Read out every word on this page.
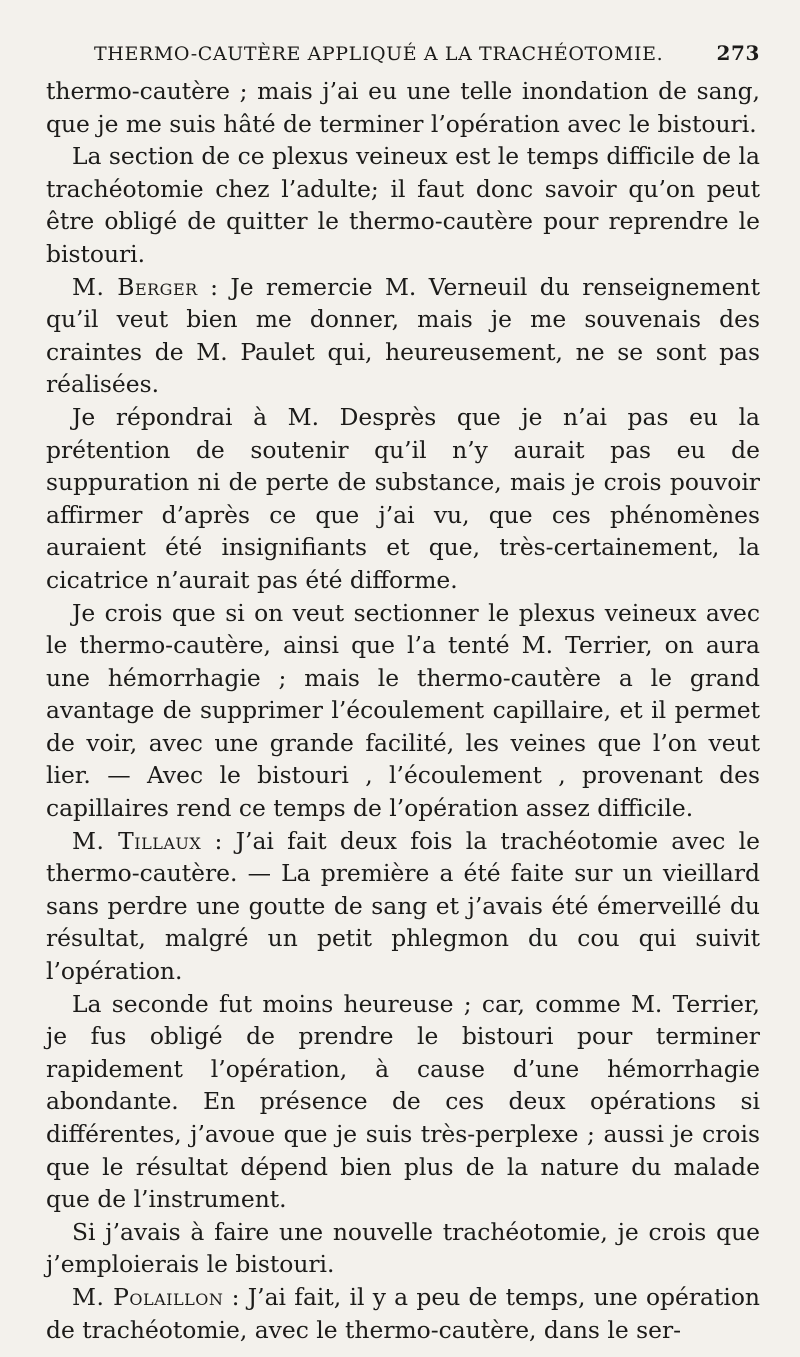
THERMO-CAUTÈRE APPLIQUÉ A LA TRACHÉOTOMIE.	273

thermo-cautère ; mais j’ai eu une telle inondation de sang, que je me suis hâté de terminer l’opération avec le bistouri.

La section de ce plexus veineux est le temps difficile de la trachéotomie chez l’adulte; il faut donc savoir qu’on peut être obligé de quitter le thermo-cautère pour reprendre le bistouri.

M. Berger : Je remercie M. Verneuil du renseignement qu’il veut bien me donner, mais je me souvenais des craintes de M. Paulet qui, heureusement, ne se sont pas réalisées.

Je répondrai à M. Desprès que je n’ai pas eu la prétention de soutenir qu’il n’y aurait pas eu de suppuration ni de perte de substance, mais je crois pouvoir affirmer d’après ce que j’ai vu, que ces phénomènes auraient été insignifiants et que, très-certainement, la cicatrice n’aurait pas été difforme.

Je crois que si on veut sectionner le plexus veineux avec le thermo-cautère, ainsi que l’a tenté M. Terrier, on aura une hémorrhagie ; mais le thermo-cautère a le grand avantage de supprimer l’écoulement capillaire, et il permet de voir, avec une grande facilité, les veines que l’on veut lier. — Avec le bistouri , l’écoulement , provenant des capillaires rend ce temps de l’opération assez difficile.

M. Tillaux : J’ai fait deux fois la trachéotomie avec le thermo-cautère. — La première a été faite sur un vieillard sans perdre une goutte de sang et j’avais été émerveillé du résultat, malgré un petit phlegmon du cou qui suivit l’opération.

La seconde fut moins heureuse ; car, comme M. Terrier, je fus obligé de prendre le bistouri pour terminer rapidement l’opération, à cause d’une hémorrhagie abondante. En présence de ces deux opérations si différentes, j’avoue que je suis très-perplexe ; aussi je crois que le résultat dépend bien plus de la nature du malade que de l’instrument.

Si j’avais à faire une nouvelle trachéotomie, je crois que j’emploierais le bistouri.

M. Polaillon : J’ai fait, il y a peu de temps, une opération de trachéotomie, avec le thermo-cautère, dans le ser-
